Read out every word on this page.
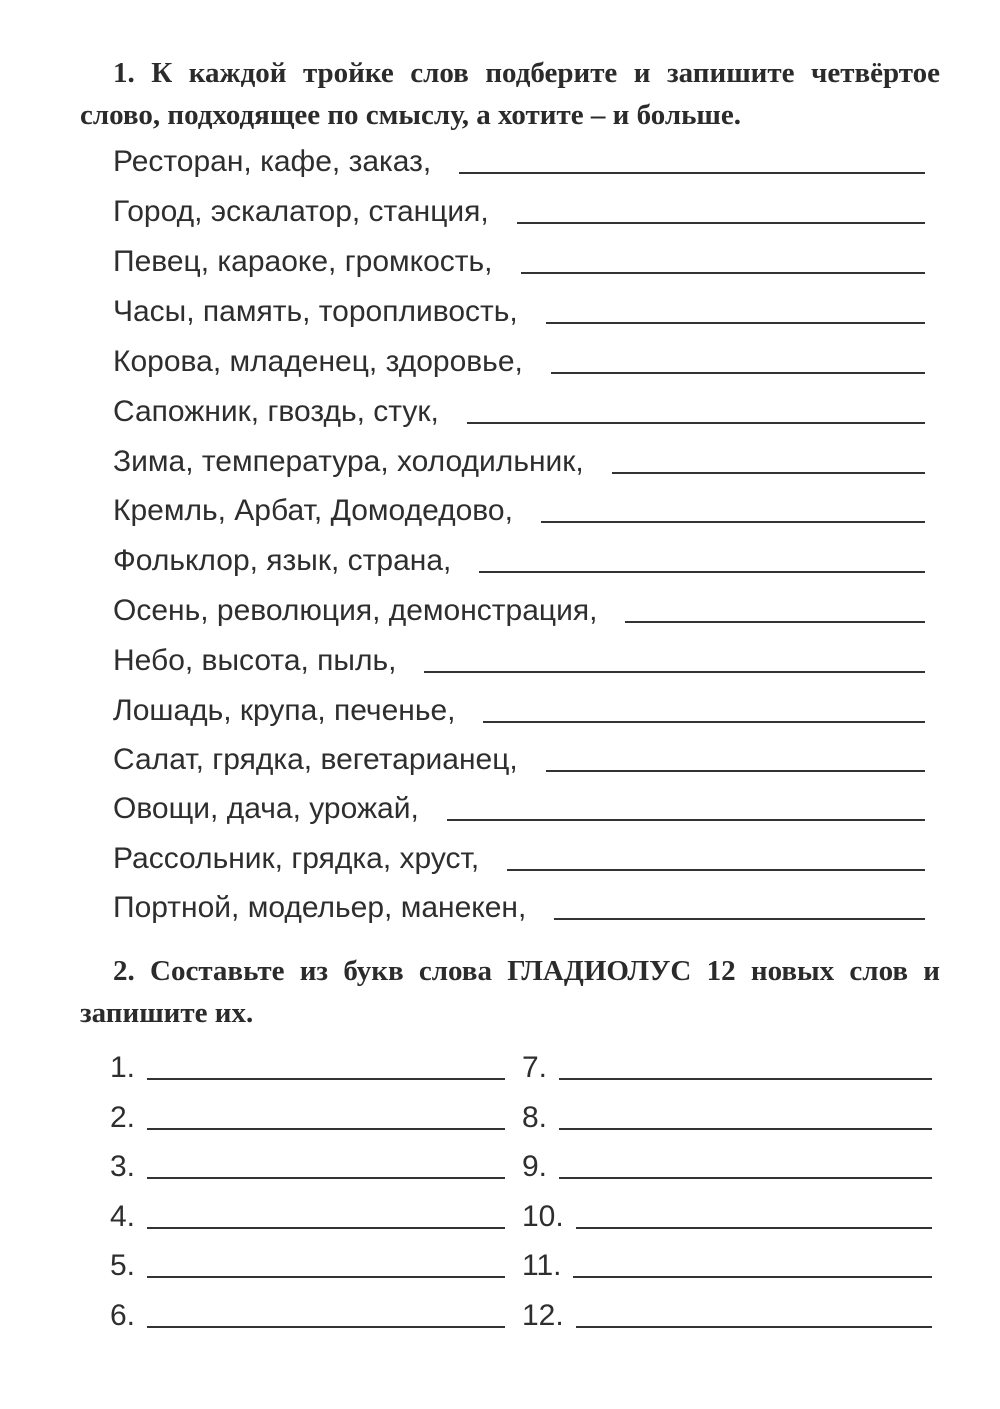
1. К каждой тройке слов подберите и запишите четвёртое слово, подходящее по смыслу, а хотите – и больше.
Ресторан, кафе, заказ,
Город, эскалатор, станция,
Певец, караоке, громкость,
Часы, память, торопливость,
Корова, младенец, здоровье,
Сапожник, гвоздь, стук,
Зима, температура, холодильник,
Кремль, Арбат, Домодедово,
Фольклор, язык, страна,
Осень, революция, демонстрация,
Небо, высота, пыль,
Лошадь, крупа, печенье,
Салат, грядка, вегетарианец,
Овощи, дача, урожай,
Рассольник, грядка, хруст,
Портной, модельер, манекен,
2. Составьте из букв слова ГЛАДИОЛУС 12 новых слов и запишите их.
1.
2.
3.
4.
5.
6.
7.
8.
9.
10.
11.
12.
